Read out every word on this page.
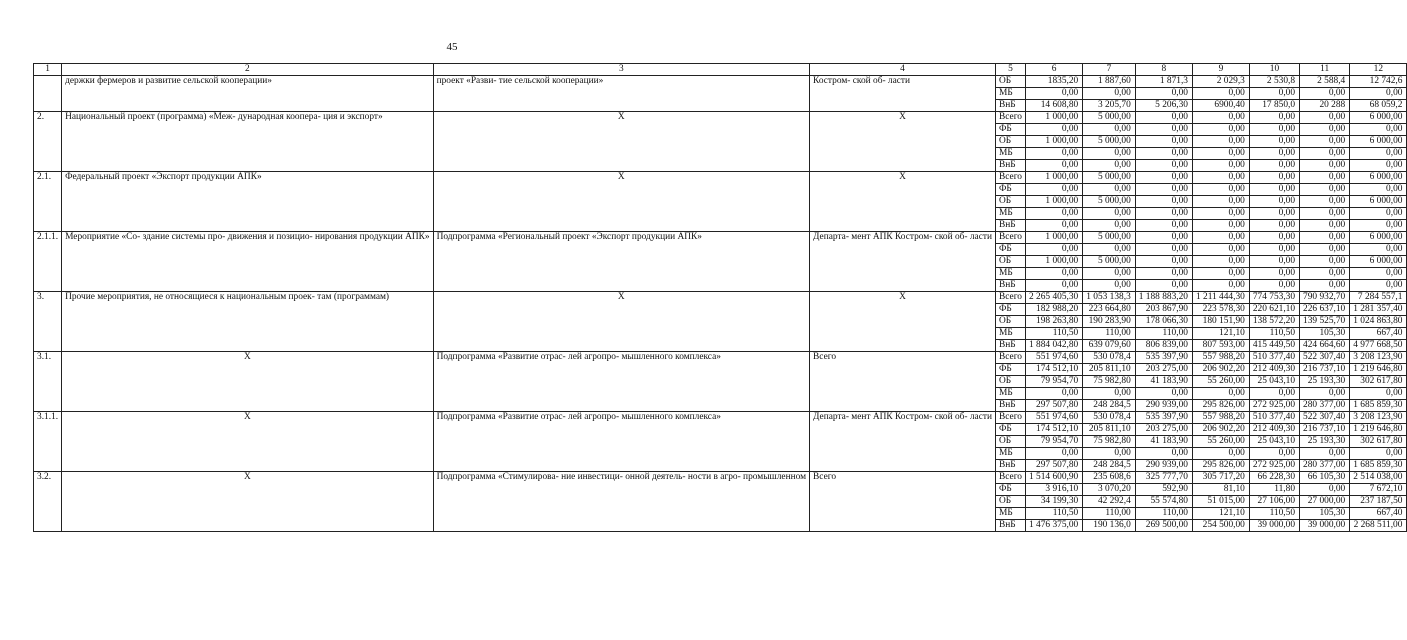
45
1	2	3	4	5	6	7	8	9	10	11	12
	держки фермеров и развитие сельской кооперации»	проект «Разви- тие сельской кооперации»	Костром- ской об- ласти	ОБ	1835,20	1 887,60	1 871,3	2 029,3	2 530,8	2 588,4	12 742,6
				МБ	0,00	0,00	0,00	0,00	0,00	0,00	0,00
				ВнБ	14 608,80	3 205,70	5 206,30	6900,40	17 850,0	20 288	68 059,2
2.	Национальный проект (программа) «Меж- дународная коопера- ция и экспорт»	Х	Х	Всего	1 000,00	5 000,00	0,00	0,00	0,00	0,00	6 000,00
				ФБ	0,00	0,00	0,00	0,00	0,00	0,00	0,00
				ОБ	1 000,00	5 000,00	0,00	0,00	0,00	0,00	6 000,00
				МБ	0,00	0,00	0,00	0,00	0,00	0,00	0,00
				ВнБ	0,00	0,00	0,00	0,00	0,00	0,00	0,00
2.1.	Федеральный проект «Экспорт продукции АПК»	Х	Х	Всего	1 000,00	5 000,00	0,00	0,00	0,00	0,00	6 000,00
				ФБ	0,00	0,00	0,00	0,00	0,00	0,00	0,00
				ОБ	1 000,00	5 000,00	0,00	0,00	0,00	0,00	6 000,00
				МБ	0,00	0,00	0,00	0,00	0,00	0,00	0,00
				ВнБ	0,00	0,00	0,00	0,00	0,00	0,00	0,00
2.1.1.	Мероприятие «Со- здание системы про- движения и позицио- нирования продукции АПК»	Подпрограмма «Региональный проект «Экспорт продукции АПК»	Департа- мент АПК Костром- ской об- ласти	Всего	1 000,00	5 000,00	0,00	0,00	0,00	0,00	6 000,00
				ФБ	0,00	0,00	0,00	0,00	0,00	0,00	0,00
				ОБ	1 000,00	5 000,00	0,00	0,00	0,00	0,00	6 000,00
				МБ	0,00	0,00	0,00	0,00	0,00	0,00	0,00
				ВнБ	0,00	0,00	0,00	0,00	0,00	0,00	0,00
3.	Прочие мероприятия, не относящиеся к национальным проек- там (программам)	Х	Х	Всего	2 265 405,30	1 053 138,3	1 188 883,20	1 211 444,30	774 753,30	790 932,70	7 284 557,1
				ФБ	182 988,20	223 664,80	203 867,90	223 578,30	220 621,10	226 637,10	1 281 357,40
				ОБ	198 263,80	190 283,90	178 066,30	180 151,90	138 572,20	139 525,70	1 024 863,80
				МБ	110,50	110,00	110,00	121,10	110,50	105,30	667,40
				ВнБ	1 884 042,80	639 079,60	806 839,00	807 593,00	415 449,50	424 664,60	4 977 668,50
3.1.	Х	Подпрограмма «Развитие отрас- лей агропро- мышленного комплекса»	Всего	Всего	551 974,60	530 078,4	535 397,90	557 988,20	510 377,40	522 307,40	3 208 123,90
				ФБ	174 512,10	205 811,10	203 275,00	206 902,20	212 409,30	216 737,10	1 219 646,80
				ОБ	79 954,70	75 982,80	41 183,90	55 260,00	25 043,10	25 193,30	302 617,80
				МБ	0,00	0,00	0,00	0,00	0,00	0,00	0,00
				ВнБ	297 507,80	248 284,5	290 939,00	295 826,00	272 925,00	280 377,00	1 685 859,30
3.1.1.	Х	Подпрограмма «Развитие отрас- лей агропро- мышленного комплекса»	Департа- мент АПК Костром- ской об- ласти	Всего	551 974,60	530 078,4	535 397,90	557 988,20	510 377,40	522 307,40	3 208 123,90
				ФБ	174 512,10	205 811,10	203 275,00	206 902,20	212 409,30	216 737,10	1 219 646,80
				ОБ	79 954,70	75 982,80	41 183,90	55 260,00	25 043,10	25 193,30	302 617,80
				МБ	0,00	0,00	0,00	0,00	0,00	0,00	0,00
				ВнБ	297 507,80	248 284,5	290 939,00	295 826,00	272 925,00	280 377,00	1 685 859,30
3.2.	Х	Подпрограмма «Стимулирова- ние инвестици- онной деятель- ности в агро- промышленном	Всего	Всего	1 514 600,90	235 608,6	325 777,70	305 717,20	66 228,30	66 105,30	2 514 038,00
				ФБ	3 916,10	3 070,20	592,90	81,10	11,80	0,00	7 672,10
				ОБ	34 199,30	42 292,4	55 574,80	51 015,00	27 106,00	27 000,00	237 187,50
				МБ	110,50	110,00	110,00	121,10	110,50	105,30	667,40
				ВнБ	1 476 375,00	190 136,0	269 500,00	254 500,00	39 000,00	39 000,00	2 268 511,00
